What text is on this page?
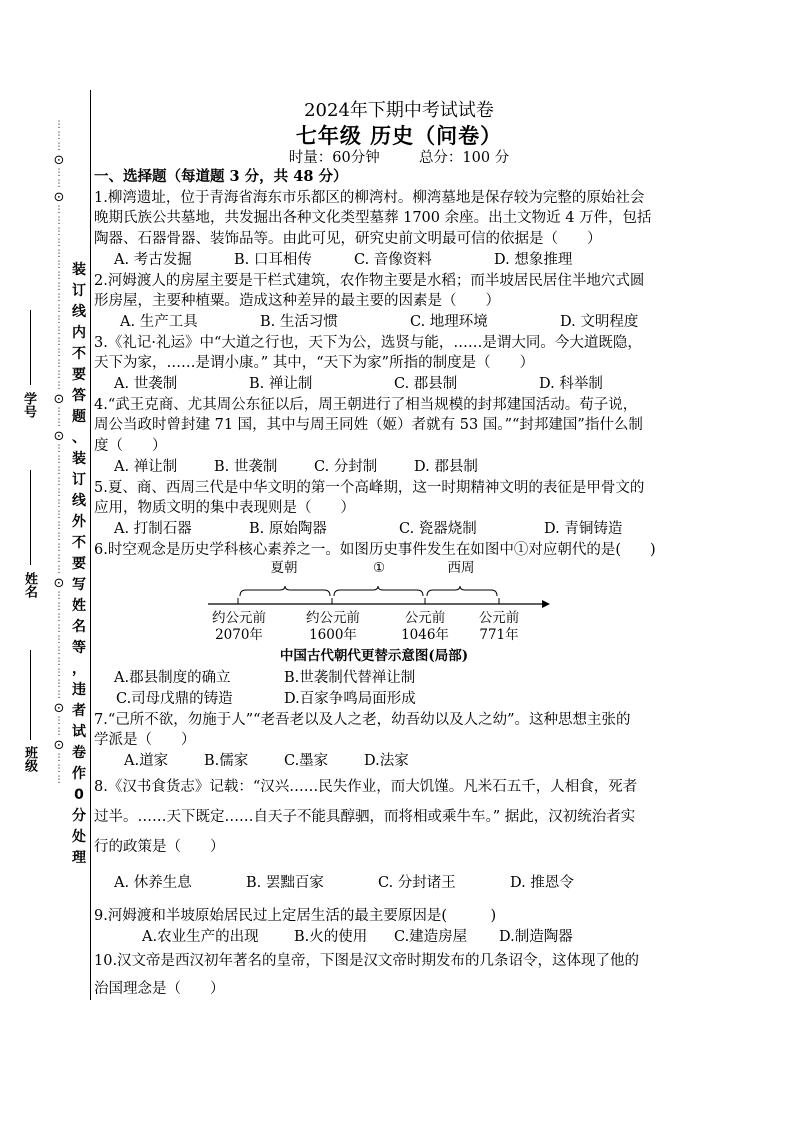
⋮
⋮
⋮
⊙
⋮
⋮
⊙
⋮
⋮
⋮
⋮
⋮
⋮
⋮
⋮
⋮
⋮
⋮
⋮
⋮
⋮
⋮
⋮
⋮
⊙
⋮
⋮
⊙
⋮
⋮
⋮
⋮
⋮
⋮
⋮
⋮
⋮
⋮
⋮
⋮
⊙
⋮
⋮
⋮
⋮
⋮
⋮
⋮
⋮
⋮
⋮
⊙
⋮
⋮
⊙
⋮
⋮
⋮
装
订
线
内
不
要
答
题
、
装
订
线
外
不
要
写
姓
名
等
，
违
者
试
卷
作
0
分
处
理
学号
姓名
班级
2024年下期中考试试卷
七年级 历史（问卷）
时量：60分钟	总分：100 分
一、选择题（每道题 3 分，共 48 分）
1.柳湾遗址，位于青海省海东市乐都区的柳湾村。柳湾墓地是保存较为完整的原始社会
晚期氏族公共墓地，共发掘出各种文化类型墓葬 1700 余座。出土文物近 4 万件，包括
陶器、石器骨器、装饰品等。由此可见，研究史前文明最可信的依据是（　　）
A. 考古发掘	B. 口耳相传	C. 音像资料	D. 想象推理
2.河姆渡人的房屋主要是干栏式建筑，农作物主要是水稻；而半坡居民居住半地穴式圆
形房屋，主要种植粟。造成这种差异的最主要的因素是（　　）
A. 生产工具	B. 生活习惯	C. 地理环境	D. 文明程度
3.《礼记·礼运》中“大道之行也，天下为公，选贤与能，……是谓大同。今大道既隐，
天下为家，……是谓小康。” 其中，“天下为家”所指的制度是（　　）
A. 世袭制	B. 禅让制	C. 郡县制	D. 科举制
4.“武王克商、尤其周公东征以后，周王朝进行了相当规模的封邦建国活动。荀子说，
周公当政时曾封建 71 国，其中与周王同姓（姬）者就有 53 国。”“封邦建国”指什么制
度（　　）
A. 禅让制	B. 世袭制	C. 分封制	D. 郡县制
5.夏、商、西周三代是中华文明的第一个高峰期，这一时期精神文明的表征是甲骨文的
应用，物质文明的集中表现则是（　　）
A. 打制石器	B. 原始陶器	C. 瓷器烧制	D. 青铜铸造
6.时空观念是历史学科核心素养之一。如图历史事件发生在如图中①对应朝代的是(　　)
夏朝	①	西周
约公元前
2070年
约公元前
1600年
公元前
1046年
公元前
771年
中国古代朝代更替示意图(局部)
A.郡县制度的确立	B.世袭制代替禅让制
C.司母戊鼎的铸造	D.百家争鸣局面形成
7.“己所不欲，勿施于人”“老吾老以及人之老，幼吾幼以及人之幼”。这种思想主张的
学派是（　　）
A.道家	B.儒家	C.墨家	D.法家
8.《汉书食货志》记载：“汉兴……民失作业，而大饥馑。凡米石五千，人相食，死者
过半。……天下既定……自天子不能具醇驷，而将相或乘牛车。” 据此，汉初统治者实
行的政策是（　　）
A. 休养生息	B. 罢黜百家	C. 分封诸王	D. 推恩令
9.河姆渡和半坡原始居民过上定居生活的最主要原因是(　　　)
A.农业生产的出现	B.火的使用	C.建造房屋	D.制造陶器
10.汉文帝是西汉初年著名的皇帝，下图是汉文帝时期发布的几条诏令，这体现了他的
治国理念是（　　）
